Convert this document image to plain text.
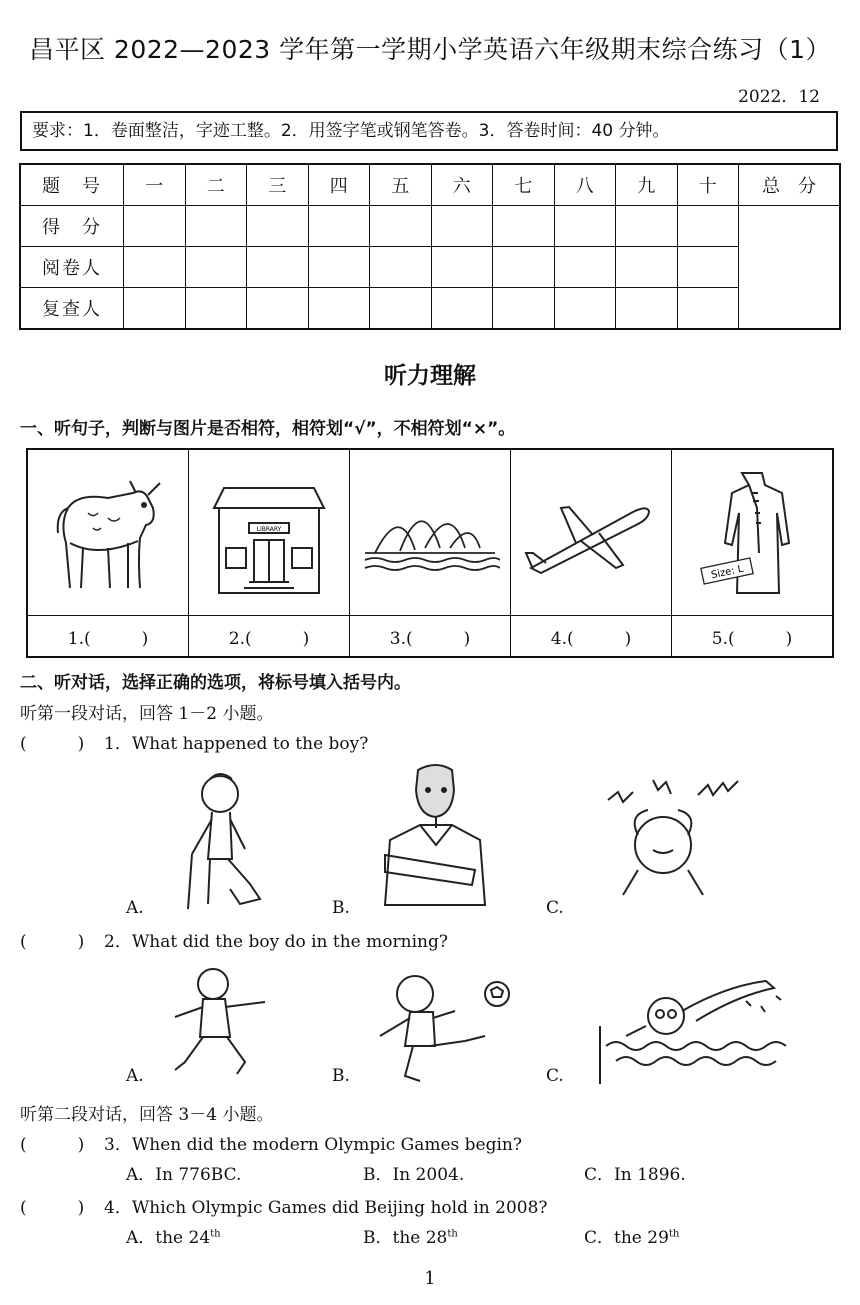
昌平区 2022—2023 学年第一学期小学英语六年级期末综合练习（1）
2022．12
要求：1．卷面整洁，字迹工整。2．用签字笔或钢笔答卷。3．答卷时间：40 分钟。
题　号	一	二	三	四	五	六	七	八	九	十	总　分
得　分											
阅卷人											
复查人											
听力理解
一、听句子，判断与图片是否相符，相符划“√”，不相符划“×”。
LIBRARY
Size: L
1.(　　　)	2.(　　　)	3.(　　　)	4.(　　　)	5.(　　　)
二、听对话，选择正确的选项，将标号填入括号内。
听第一段对话，回答 1－2 小题。
(　　　) 1．What happened to the boy?
A.	B.	C.
(　　　) 2．What did the boy do in the morning?
A.	B.	C.
听第二段对话，回答 3－4 小题。
(　　　) 3．When did the modern Olympic Games begin?
A．In 776BC.	B．In 2004.	C．In 1896.
(　　　) 4．Which Olympic Games did Beijing hold in 2008?
A．the 24th	B．the 28th	C．the 29th
1
